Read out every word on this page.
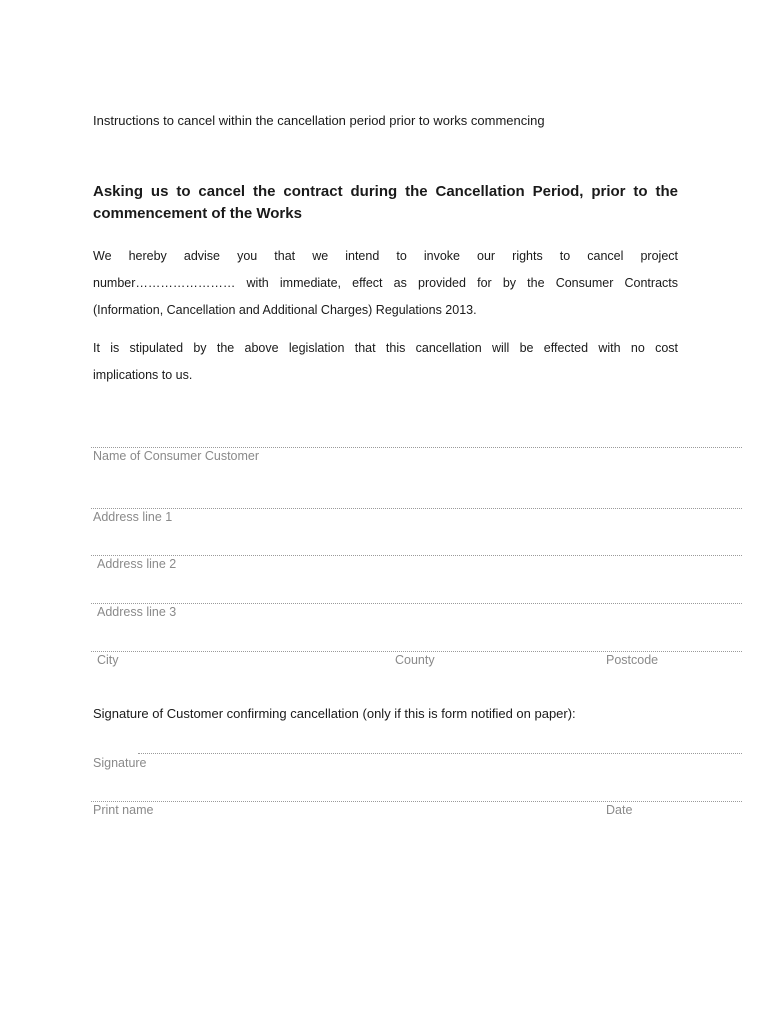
Instructions to cancel within the cancellation period prior to works commencing
Asking us to cancel the contract during the Cancellation Period, prior to the commencement of the Works
We hereby advise you that we intend to invoke our rights to cancel project
number…………………… with immediate, effect as provided for by the Consumer Contracts
(Information, Cancellation and Additional Charges) Regulations 2013.
It is stipulated by the above legislation that this cancellation will be effected with no cost
implications to us.
Name of Consumer Customer
Address line 1
Address line 2
Address line 3
City	County	Postcode
Signature of Customer confirming cancellation (only if this is form notified on paper):
Signature
Print name	Date
